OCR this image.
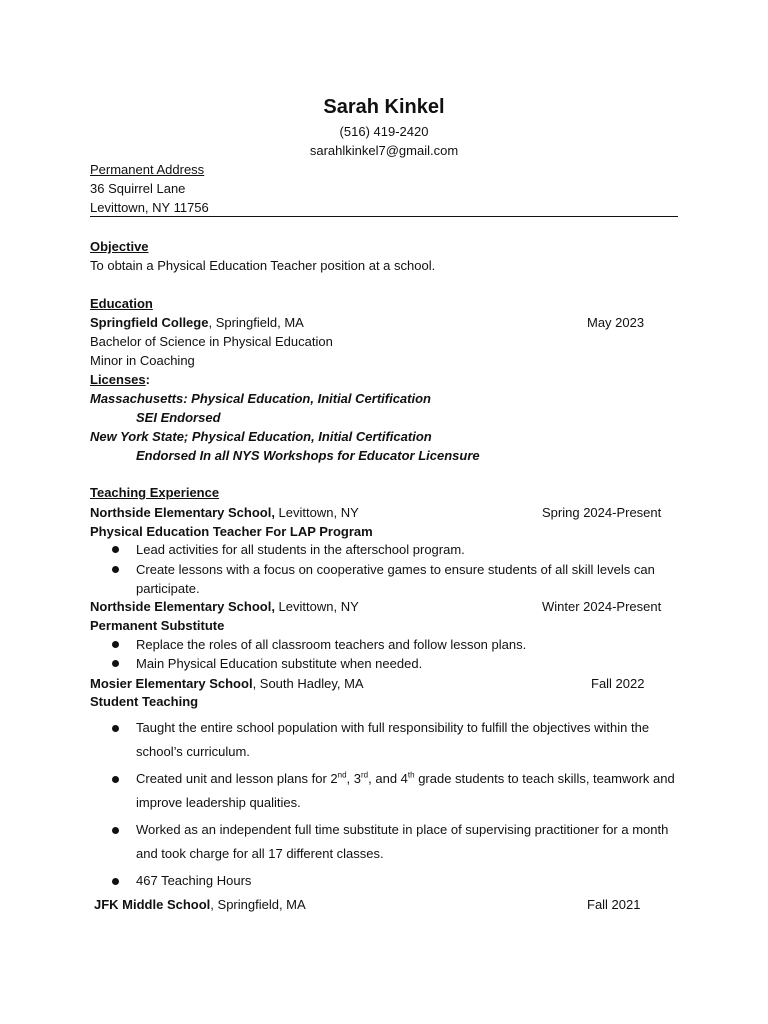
Sarah Kinkel
(516) 419-2420
sarahlkinkel7@gmail.com
Permanent Address
36 Squirrel Lane
Levittown, NY 11756
Objective
To obtain a Physical Education Teacher position at a school.
Education
Springfield College, Springfield, MA	May 2023
Bachelor of Science in Physical Education
Minor in Coaching
Licenses:
Massachusetts: Physical Education, Initial Certification
SEI Endorsed
New York State; Physical Education, Initial Certification
Endorsed In all NYS Workshops for Educator Licensure
Teaching Experience
Northside Elementary School, Levittown, NY	Spring 2024-Present
Physical Education Teacher For LAP Program
Lead activities for all students in the afterschool program.
Create lessons with a focus on cooperative games to ensure students of all skill levels can participate.
Northside Elementary School, Levittown, NY	Winter 2024-Present
Permanent Substitute
Replace the roles of all classroom teachers and follow lesson plans.
Main Physical Education substitute when needed.
Mosier Elementary School, South Hadley, MA	Fall 2022
Student Teaching
Taught the entire school population with full responsibility to fulfill the objectives within the school’s curriculum.
Created unit and lesson plans for 2nd, 3rd, and 4th grade students to teach skills, teamwork and improve leadership qualities.
Worked as an independent full time substitute in place of supervising practitioner for a month and took charge for all 17 different classes.
467 Teaching Hours
JFK Middle School, Springfield, MA	Fall 2021
